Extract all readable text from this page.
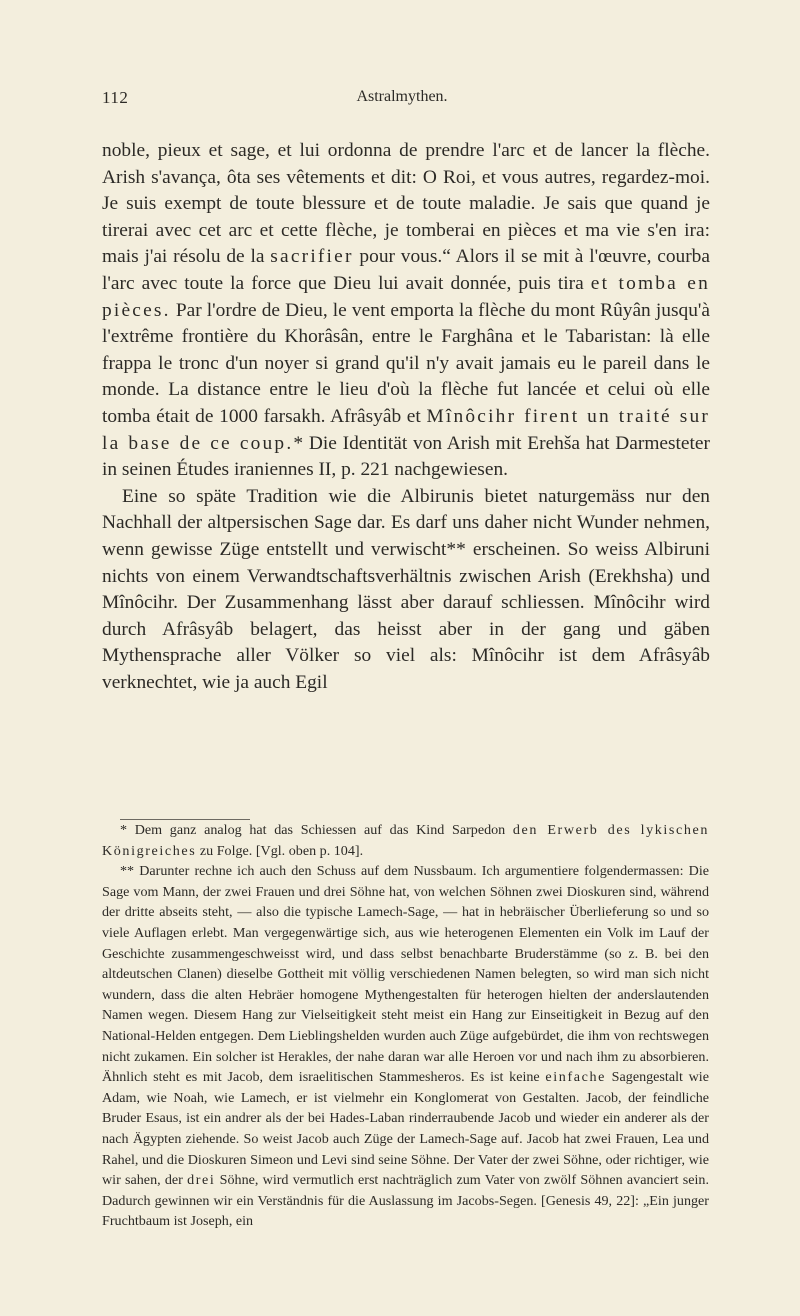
112	Astralmythen.

noble, pieux et sage, et lui ordonna de prendre l'arc et de lancer la flèche. Arish s'avança, ôta ses vêtements et dit: O Roi, et vous autres, regardez-moi. Je suis exempt de toute blessure et de toute maladie. Je sais que quand je tirerai avec cet arc et cette flèche, je tomberai en pièces et ma vie s'en ira: mais j'ai résolu de la sacrifier pour vous.“ Alors il se mit à l'œuvre, courba l'arc avec toute la force que Dieu lui avait donnée, puis tira et tomba en pièces. Par l'ordre de Dieu, le vent emporta la flèche du mont Rûyân jusqu'à l'extrême frontière du Khorâsân, entre le Farghâna et le Tabaristan: là elle frappa le tronc d'un noyer si grand qu'il n'y avait jamais eu le pareil dans le monde. La distance entre le lieu d'où la flèche fut lancée et celui où elle tomba était de 1000 farsakh. Afrâsyâb et Mînôcihr firent un traité sur la base de ce coup.* Die Identität von Arish mit Erehša hat Darmesteter in seinen Études iraniennes II, p. 221 nachgewiesen.

Eine so späte Tradition wie die Albirunis bietet naturgemäss nur den Nachhall der altpersischen Sage dar. Es darf uns daher nicht Wunder nehmen, wenn gewisse Züge entstellt und verwischt** erscheinen. So weiss Albiruni nichts von einem Verwandtschaftsverhältnis zwischen Arish (Erekhsha) und Mînôcihr. Der Zusammenhang lässt aber darauf schliessen. Mînôcihr wird durch Afrâsyâb belagert, das heisst aber in der gang und gäben Mythensprache aller Völker so viel als: Mînôcihr ist dem Afrâsyâb verknechtet, wie ja auch Egil

* Dem ganz analog hat das Schiessen auf das Kind Sarpedon den Erwerb des lykischen Königreiches zu Folge. [Vgl. oben p. 104].

** Darunter rechne ich auch den Schuss auf dem Nussbaum. Ich argumentiere folgendermassen: Die Sage vom Mann, der zwei Frauen und drei Söhne hat, von welchen Söhnen zwei Dioskuren sind, während der dritte abseits steht, — also die typische Lamech-Sage, — hat in hebräischer Überlieferung so und so viele Auflagen erlebt. Man vergegenwärtige sich, aus wie heterogenen Elementen ein Volk im Lauf der Geschichte zusammengeschweisst wird, und dass selbst benachbarte Bruderstämme (so z. B. bei den altdeutschen Clanen) dieselbe Gottheit mit völlig verschiedenen Namen belegten, so wird man sich nicht wundern, dass die alten Hebräer homogene Mythengestalten für heterogen hielten der anderslautenden Namen wegen. Diesem Hang zur Vielseitigkeit steht meist ein Hang zur Einseitigkeit in Bezug auf den National-Helden entgegen. Dem Lieblingshelden wurden auch Züge aufgebürdet, die ihm von rechtswegen nicht zukamen. Ein solcher ist Herakles, der nahe daran war alle Heroen vor und nach ihm zu absorbieren. Ähnlich steht es mit Jacob, dem israelitischen Stammesheros. Es ist keine einfache Sagengestalt wie Adam, wie Noah, wie Lamech, er ist vielmehr ein Konglomerat von Gestalten. Jacob, der feindliche Bruder Esaus, ist ein andrer als der bei Hades-Laban rinderraubende Jacob und wieder ein anderer als der nach Ägypten ziehende. So weist Jacob auch Züge der Lamech-Sage auf. Jacob hat zwei Frauen, Lea und Rahel, und die Dioskuren Simeon und Levi sind seine Söhne. Der Vater der zwei Söhne, oder richtiger, wie wir sahen, der drei Söhne, wird vermutlich erst nachträglich zum Vater von zwölf Söhnen avanciert sein. Dadurch gewinnen wir ein Verständnis für die Auslassung im Jacobs-Segen. [Genesis 49, 22]: „Ein junger Fruchtbaum ist Joseph, ein
